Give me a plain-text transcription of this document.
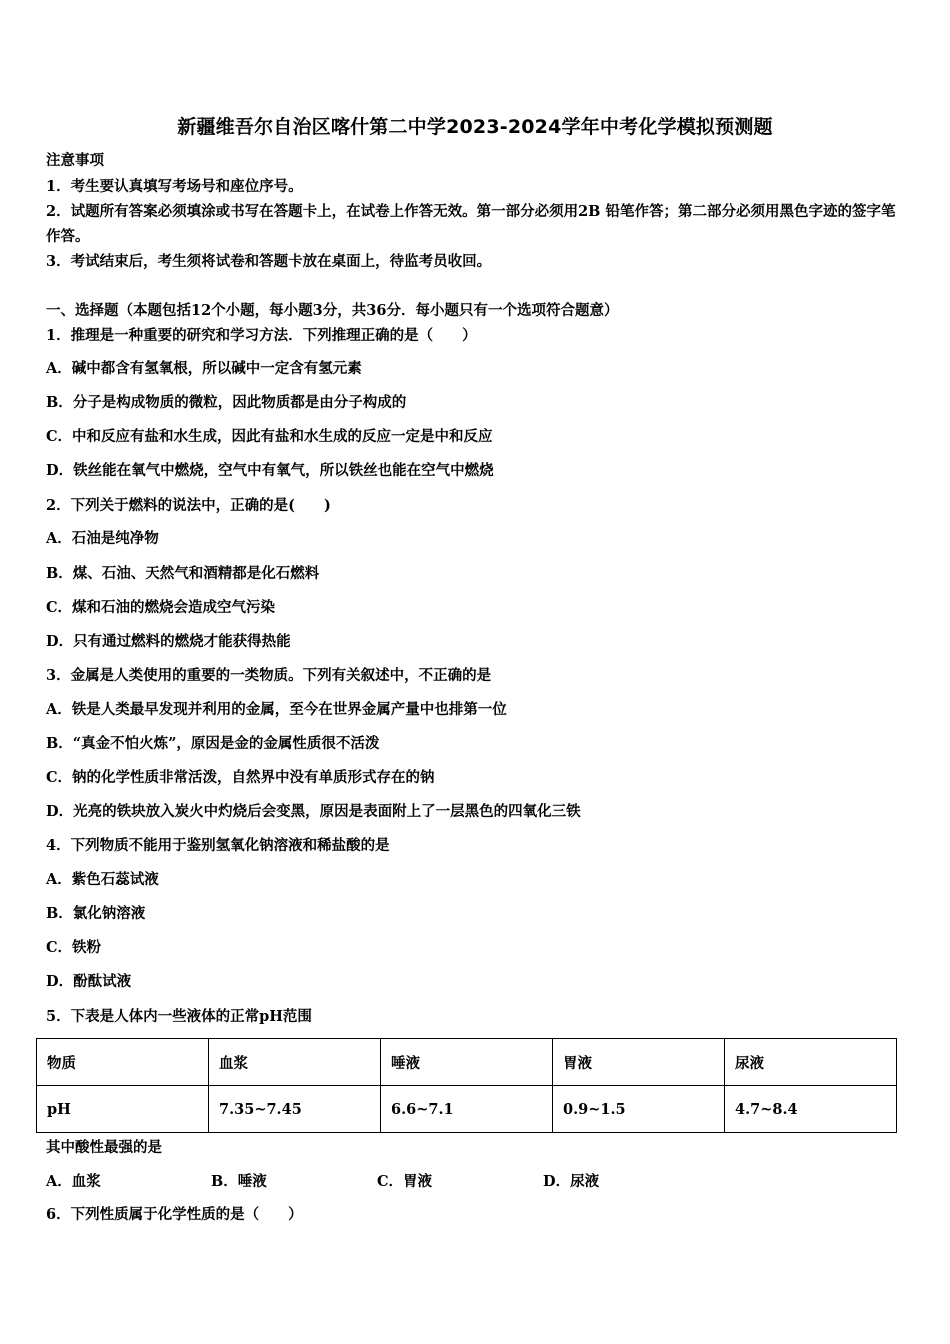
新疆维吾尔自治区喀什第二中学2023-2024学年中考化学模拟预测题
注意事项
1．考生要认真填写考场号和座位序号。
2．试题所有答案必须填涂或书写在答题卡上，在试卷上作答无效。第一部分必须用2B 铅笔作答；第二部分必须用黑色字迹的签字笔作答。
3．考试结束后，考生须将试卷和答题卡放在桌面上，待监考员收回。
一、选择题（本题包括12个小题，每小题3分，共36分．每小题只有一个选项符合题意）
1．推理是一种重要的研究和学习方法．下列推理正确的是（　　）
A．碱中都含有氢氧根，所以碱中一定含有氢元素
B．分子是构成物质的微粒，因此物质都是由分子构成的
C．中和反应有盐和水生成，因此有盐和水生成的反应一定是中和反应
D．铁丝能在氧气中燃烧，空气中有氧气，所以铁丝也能在空气中燃烧
2．下列关于燃料的说法中，正确的是(　　)
A．石油是纯净物
B．煤、石油、天然气和酒精都是化石燃料
C．煤和石油的燃烧会造成空气污染
D．只有通过燃料的燃烧才能获得热能
3．金属是人类使用的重要的一类物质。下列有关叙述中，不正确的是
A．铁是人类最早发现并利用的金属，至今在世界金属产量中也排第一位
B．“真金不怕火炼”，原因是金的金属性质很不活泼
C．钠的化学性质非常活泼，自然界中没有单质形式存在的钠
D．光亮的铁块放入炭火中灼烧后会变黑，原因是表面附上了一层黑色的四氧化三铁
4．下列物质不能用于鉴别氢氧化钠溶液和稀盐酸的是
A．紫色石蕊试液
B．氯化钠溶液
C．铁粉
D．酚酞试液
5．下表是人体内一些液体的正常pH范围
物质	血浆	唾液	胃液	尿液
pH	7.35~7.45	6.6~7.1	0.9~1.5	4.7~8.4
其中酸性最强的是
A．血浆	B．唾液	C．胃液	D．尿液
6．下列性质属于化学性质的是（　　）
